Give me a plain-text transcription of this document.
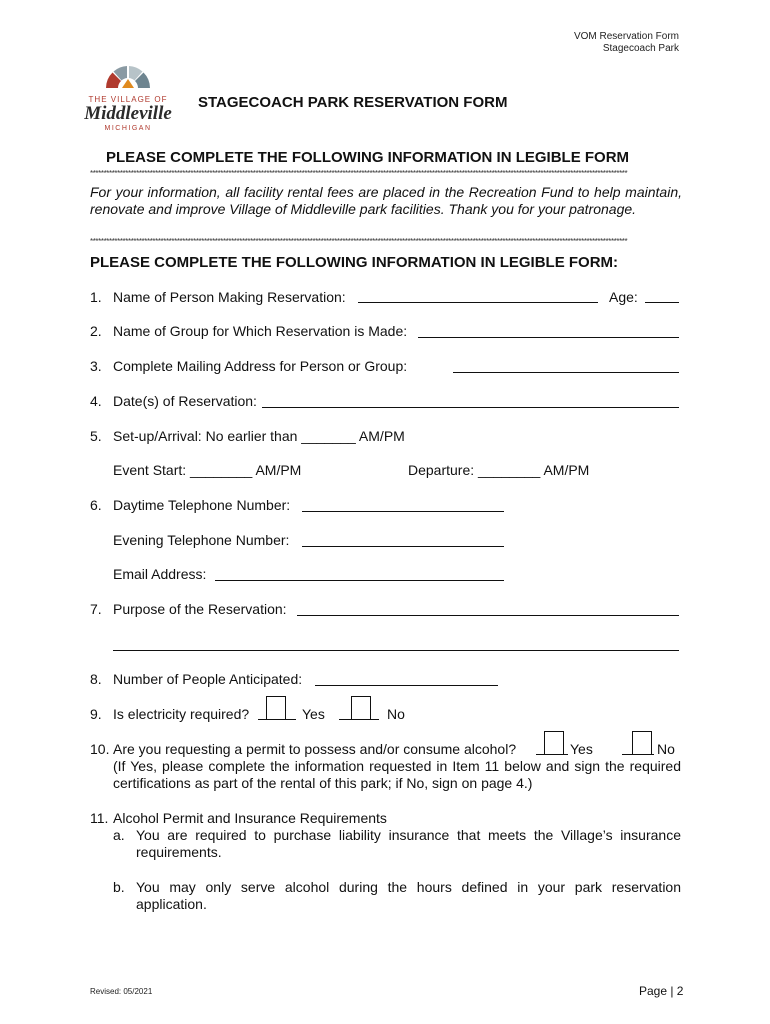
VOM Reservation Form
Stagecoach Park
THE VILLAGE OF
Middleville
MICHIGAN
STAGECOACH PARK RESERVATION FORM
PLEASE COMPLETE THE FOLLOWING INFORMATION IN LEGIBLE FORM
******************************************************************************************************************************************************************************************************
For your information, all facility rental fees are placed in the Recreation Fund to help maintain, renovate and improve Village of Middleville park facilities. Thank you for your patronage.
******************************************************************************************************************************************************************************************************
PLEASE COMPLETE THE FOLLOWING INFORMATION IN LEGIBLE FORM:
1. Name of Person Making Reservation:	Age:
2. Name of Group for Which Reservation is Made:
3. Complete Mailing Address for Person or Group:
4. Date(s) of Reservation:
5. Set-up/Arrival: No earlier than _______ AM/PM
Event Start: ________ AM/PM	Departure: ________ AM/PM
6. Daytime Telephone Number:
Evening Telephone Number:
Email Address:
7. Purpose of the Reservation:
8. Number of People Anticipated:
9. Is electricity required?	Yes	No
10. Are you requesting a permit to possess and/or consume alcohol?	Yes	No
(If Yes, please complete the information requested in Item 11 below and sign the required certifications as part of the rental of this park; if No, sign on page 4.)
11. Alcohol Permit and Insurance Requirements
a. You are required to purchase liability insurance that meets the Village’s insurance requirements.
b. You may only serve alcohol during the hours defined in your park reservation application.
Revised: 05/2021	Page | 2
